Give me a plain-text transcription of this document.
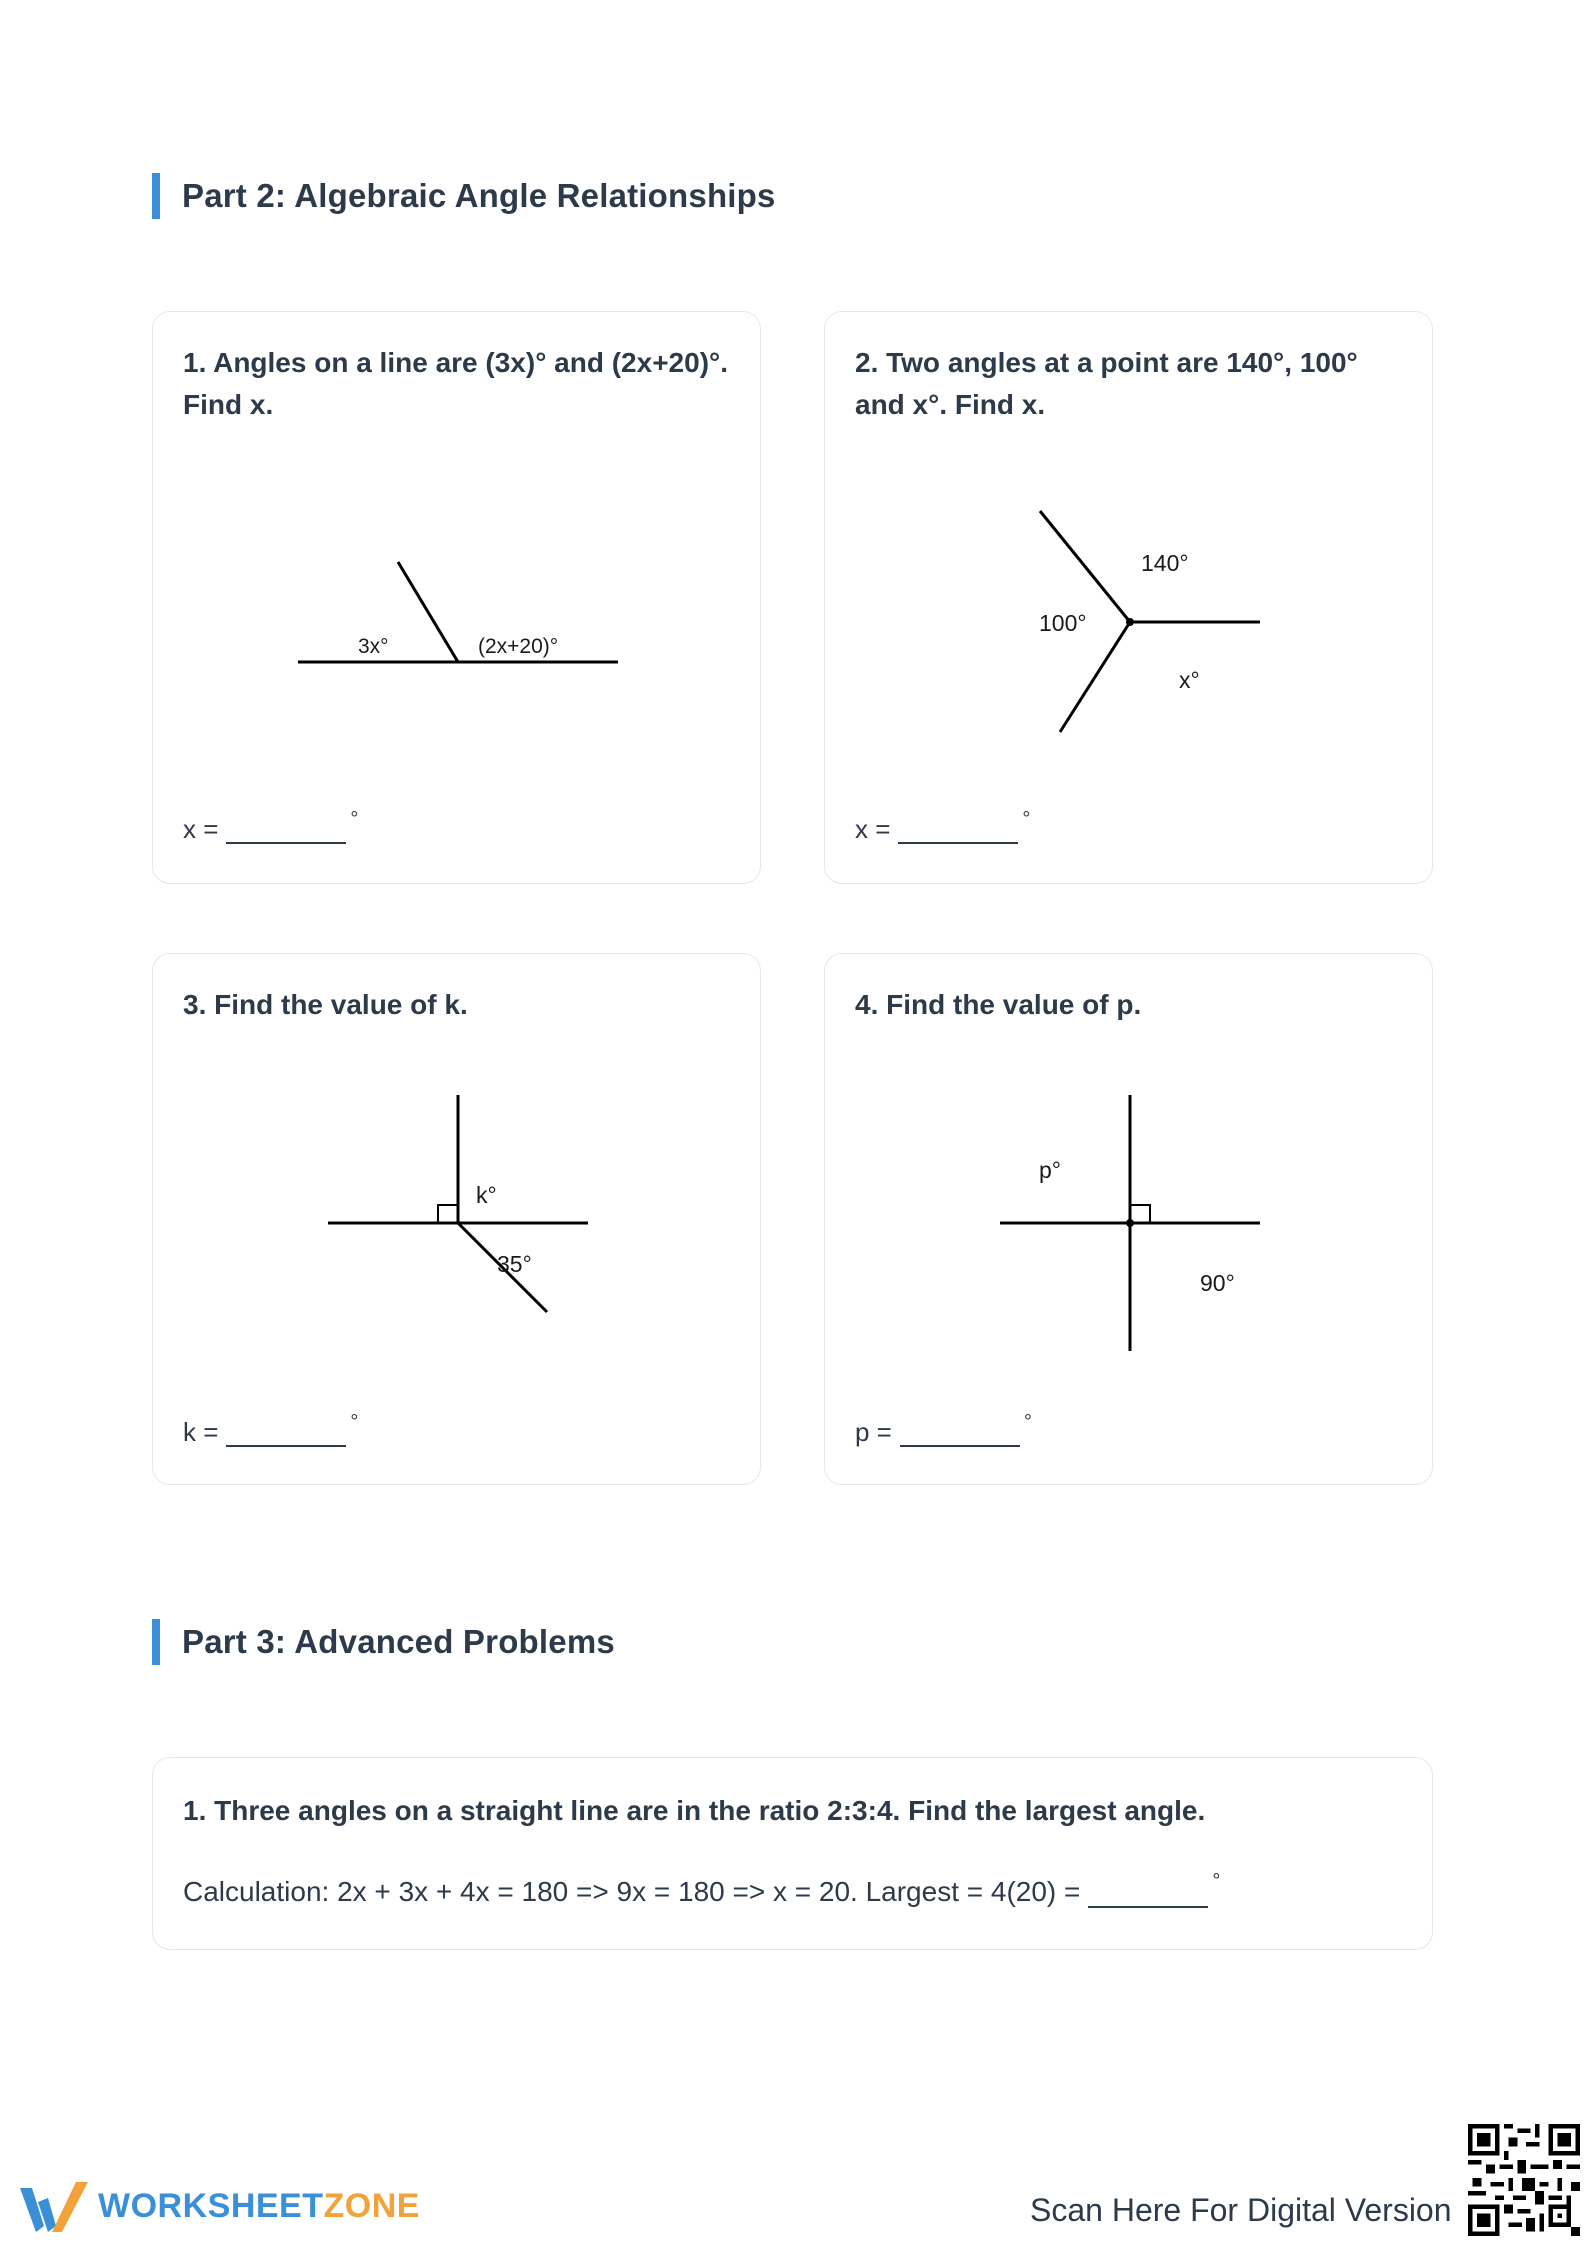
Part 2: Algebraic Angle Relationships
1. Angles on a line are (3x)° and (2x+20)°. Find x.
3x°	(2x+20)°
x =	°
2. Two angles at a point are 140°, 100° and x°. Find x.
140°
100°
x°
x =	°
3. Find the value of k.
k°
35°
k =	°
4. Find the value of p.
p°
90°
p =	°
Part 3: Advanced Problems
1. Three angles on a straight line are in the ratio 2:3:4. Find the largest angle.
Calculation: 2x + 3x + 4x = 180 => 9x = 180 => x = 20. Largest = 4(20) =	°
WORKSHEETZONE	Scan Here For Digital Version
